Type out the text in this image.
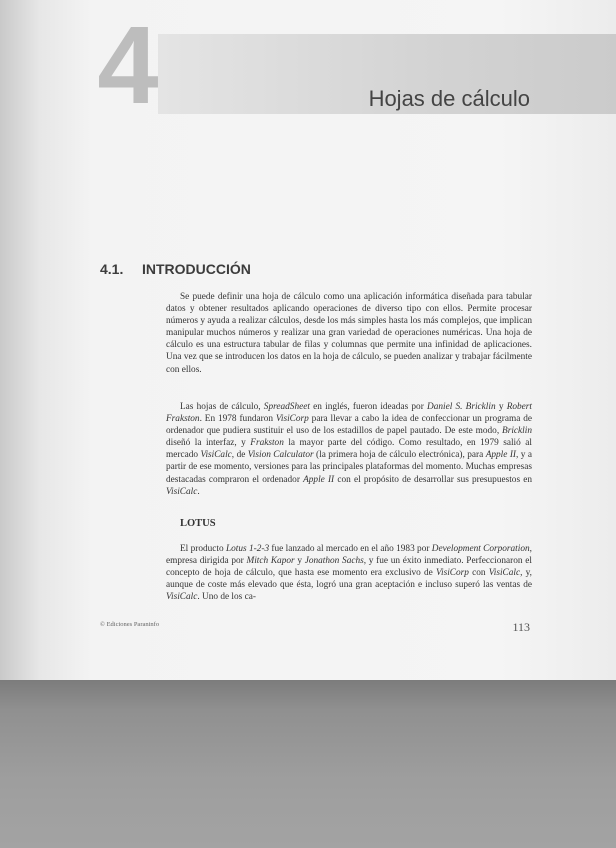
4	Hojas de cálculo
4.1. INTRODUCCIÓN

Se puede definir una hoja de cálculo como una aplicación informática diseñada para tabular datos y obtener resultados aplicando operaciones de diverso tipo con ellos. Permite procesar números y ayuda a realizar cálculos, desde los más simples hasta los más complejos, que implican manipular muchos números y realizar una gran variedad de operaciones numéricas. Una hoja de cálculo es una estructura tabular de filas y columnas que permite una infinidad de aplicaciones. Una vez que se introducen los datos en la hoja de cálculo, se pueden analizar y trabajar fácilmente con ellos.

Las hojas de cálculo, SpreadSheet en inglés, fueron ideadas por Daniel S. Bricklin y Robert Frakston. En 1978 fundaron VisiCorp para llevar a cabo la idea de confeccionar un programa de ordenador que pudiera sustituir el uso de los estadillos de papel pautado. De este modo, Bricklin diseñó la interfaz, y Frakston la mayor parte del código. Como resultado, en 1979 salió al mercado VisiCalc, de Vision Calculator (la primera hoja de cálculo electrónica), para Apple II, y a partir de ese momento, versiones para las principales plataformas del momento. Muchas empresas destacadas compraron el ordenador Apple II con el propósito de desarrollar sus presupuestos en VisiCalc.

LOTUS

El producto Lotus 1-2-3 fue lanzado al mercado en el año 1983 por Development Corporation, empresa dirigida por Mitch Kapor y Jonathon Sachs, y fue un éxito inmediato. Perfeccionaron el concepto de hoja de cálculo, que hasta ese momento era exclusivo de VisiCorp con VisiCalc, y, aunque de coste más elevado que ésta, logró una gran aceptación e incluso superó las ventas de VisiCalc. Uno de los ca-

© Ediciones Paraninfo	113
